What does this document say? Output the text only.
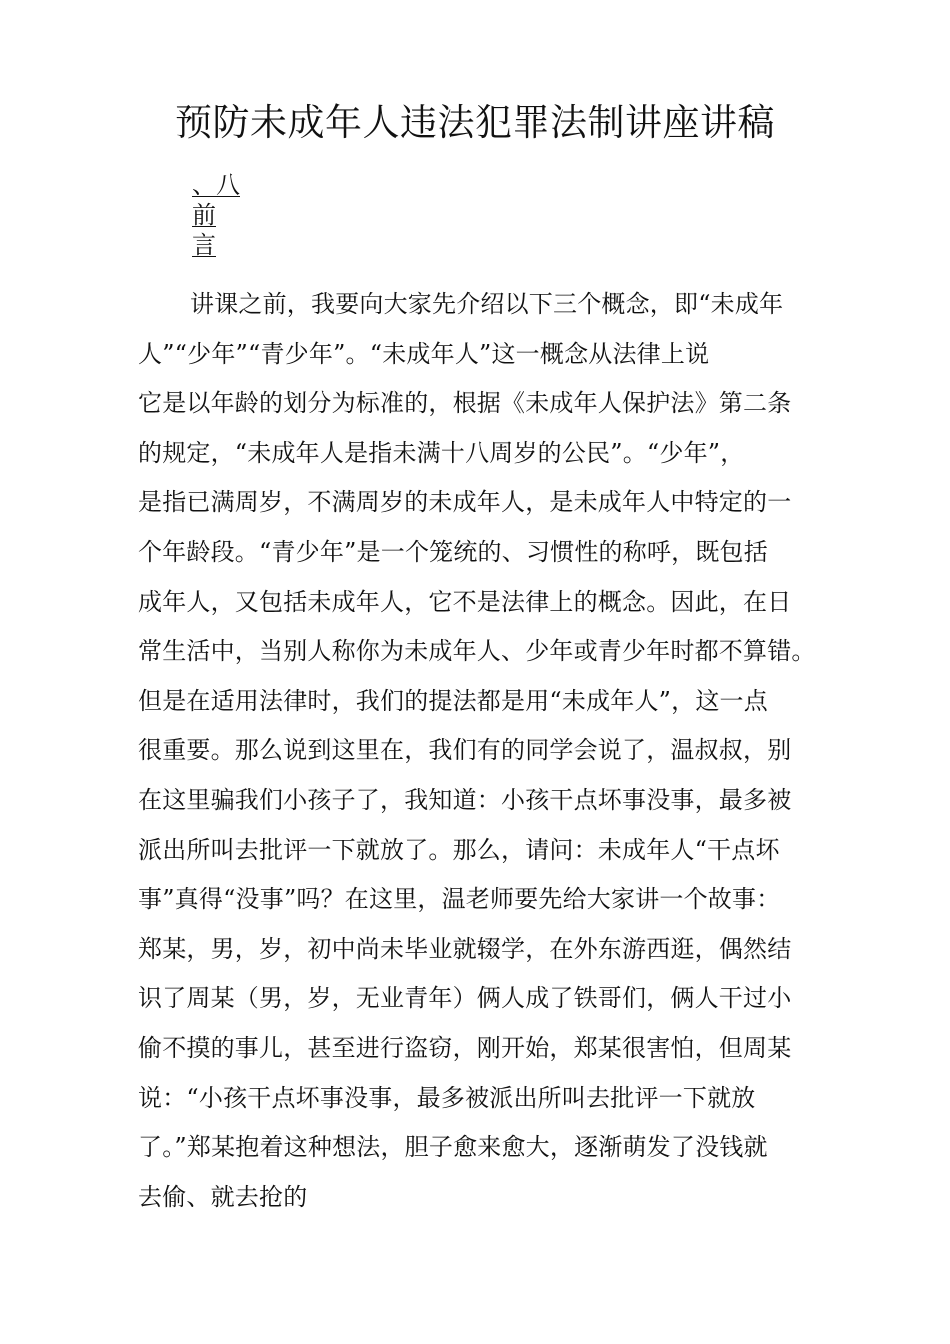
预防未成年人违法犯罪法制讲座讲稿
、八
前
言
讲课之前，我要向大家先介绍以下三个概念，即“未成年
人”“少年”“青少年”。“未成年人”这一概念从法律上说
它是以年龄的划分为标准的，根据《未成年人保护法》第二条
的规定，“未成年人是指未满十八周岁的公民”。“少年”，
是指已满周岁，不满周岁的未成年人，是未成年人中特定的一
个年龄段。“青少年”是一个笼统的、习惯性的称呼，既包括
成年人，又包括未成年人，它不是法律上的概念。因此，在日
常生活中，当别人称你为未成年人、少年或青少年时都不算错。
但是在适用法律时，我们的提法都是用“未成年人”，这一点
很重要。那么说到这里在，我们有的同学会说了，温叔叔，别
在这里骗我们小孩子了，我知道：小孩干点坏事没事，最多被
派出所叫去批评一下就放了。那么，请问：未成年人“干点坏
事”真得“没事”吗？在这里，温老师要先给大家讲一个故事：
郑某，男，岁，初中尚未毕业就辍学，在外东游西逛，偶然结
识了周某（男，岁，无业青年）俩人成了铁哥们，俩人干过小
偷不摸的事儿，甚至进行盗窃，刚开始，郑某很害怕，但周某
说：“小孩干点坏事没事，最多被派出所叫去批评一下就放
了。”郑某抱着这种想法，胆子愈来愈大，逐渐萌发了没钱就
去偷、就去抢的
